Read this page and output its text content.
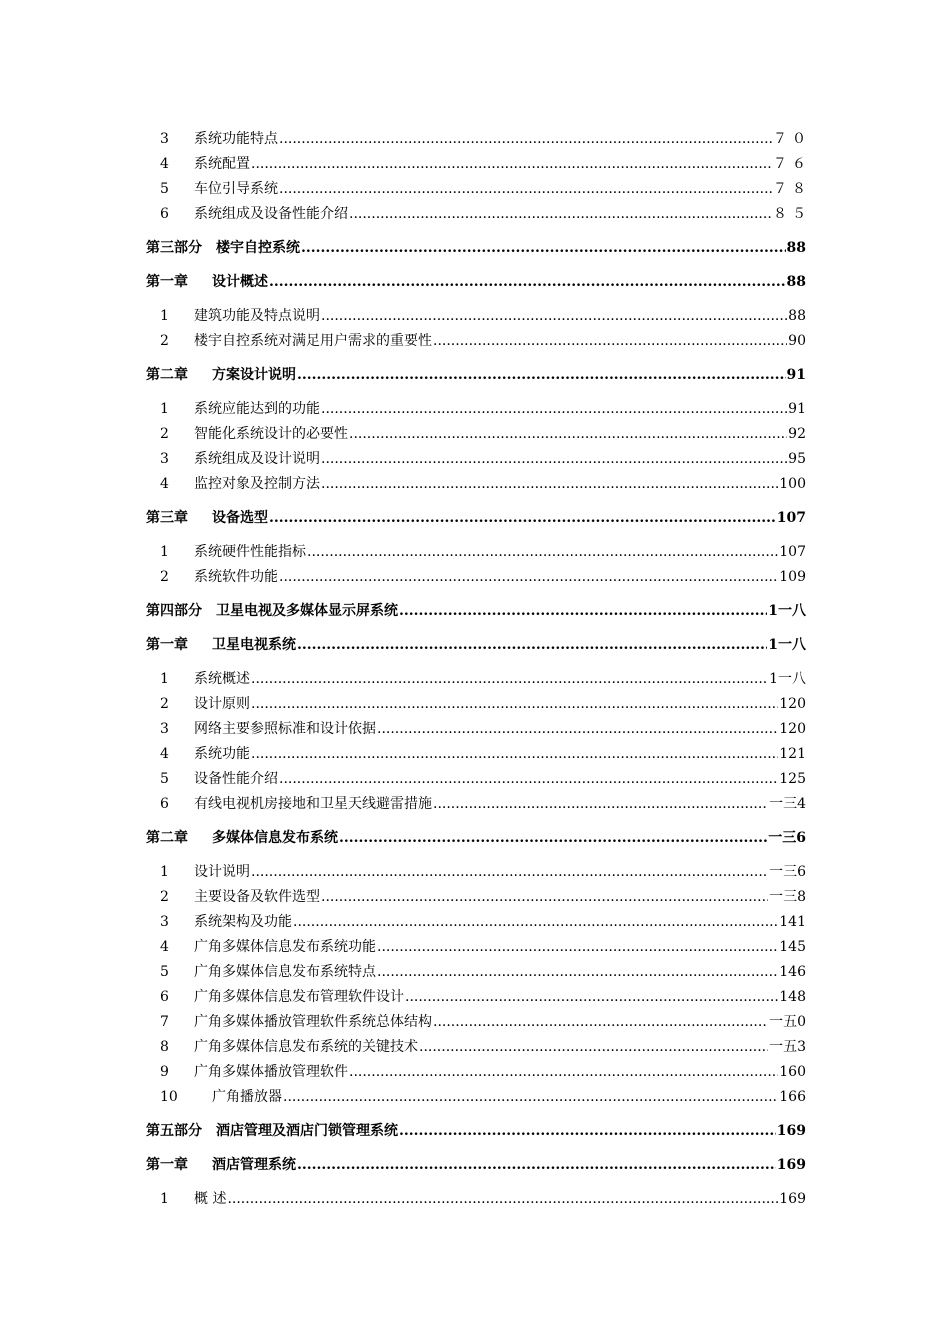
3	系统功能特点 .....	７０
4	系统配置 .....	７６
5	车位引导系统 .....	７８
6	系统组成及设备性能介绍 .....	８５
第三部分	楼宇自控系统 .....	88
第一章	设计概述 .....	88
1	建筑功能及特点说明 .....	88
2	楼宇自控系统对满足用户需求的重要性 .....	90
第二章	方案设计说明 .....	91
1	系统应能达到的功能 .....	91
2	智能化系统设计的必要性 .....	92
3	系统组成及设计说明 .....	95
4	监控对象及控制方法 .....	100
第三章	设备选型 .....	107
1	系统硬件性能指标 .....	107
2	系统软件功能 .....	109
第四部分	卫星电视及多媒体显示屏系统 .....	1一八
第一章	卫星电视系统 .....	1一八
1	系统概述 .....	1一八
2	设计原则 .....	120
3	网络主要参照标准和设计依据 .....	120
4	系统功能 .....	121
5	设备性能介绍 .....	125
6	有线电视机房接地和卫星天线避雷措施 .....	一三4
第二章	多媒体信息发布系统 .....	一三6
1	设计说明 .....	一三6
2	主要设备及软件选型 .....	一三8
3	系统架构及功能 .....	141
4	广角多媒体信息发布系统功能 .....	145
5	广角多媒体信息发布系统特点 .....	146
6	广角多媒体信息发布管理软件设计 .....	148
7	广角多媒体播放管理软件系统总体结构 .....	一五0
8	广角多媒体信息发布系统的关键技术 .....	一五3
9	广角多媒体播放管理软件 .....	160
10	广角播放器 .....	166
第五部分	酒店管理及酒店门锁管理系统 .....	169
第一章	酒店管理系统 .....	169
1	概 述 .....	169
